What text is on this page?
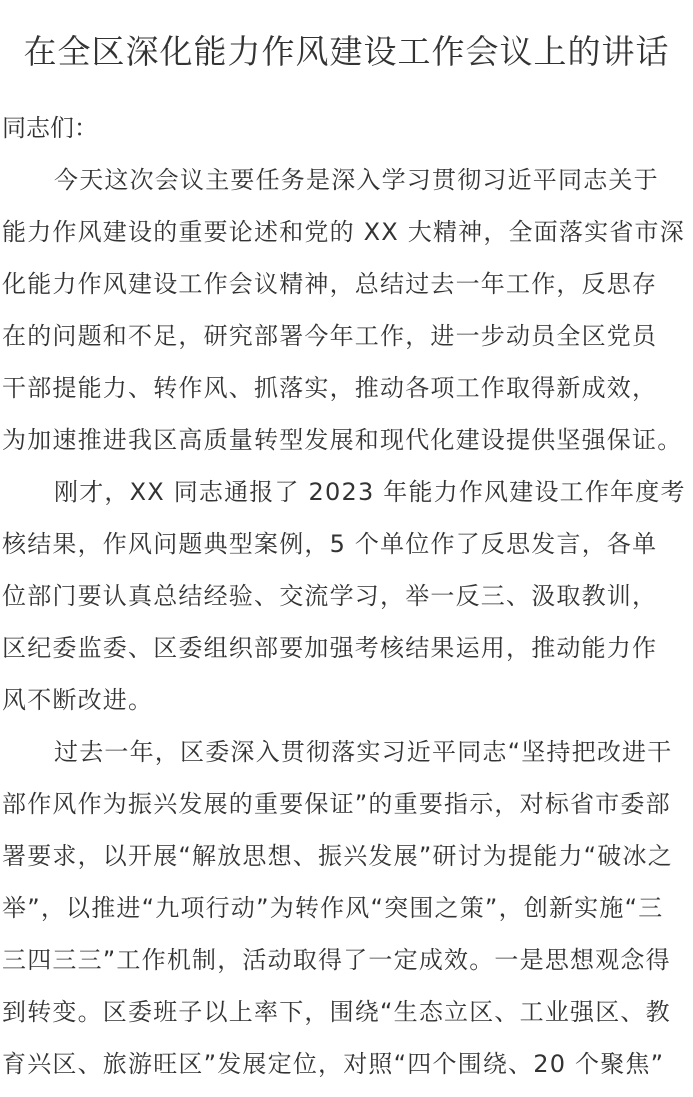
在全区深化能力作风建设工作会议上的讲话
同志们：
今天这次会议主要任务是深入学习贯彻习近平同志关于
能力作风建设的重要论述和党的 XX 大精神，全面落实省市深
化能力作风建设工作会议精神，总结过去一年工作，反思存
在的问题和不足，研究部署今年工作，进一步动员全区党员
干部提能力、转作风、抓落实，推动各项工作取得新成效，
为加速推进我区高质量转型发展和现代化建设提供坚强保证。
刚才，XX 同志通报了 2023 年能力作风建设工作年度考
核结果，作风问题典型案例，5 个单位作了反思发言，各单
位部门要认真总结经验、交流学习，举一反三、汲取教训，
区纪委监委、区委组织部要加强考核结果运用，推动能力作
风不断改进。
过去一年，区委深入贯彻落实习近平同志“坚持把改进干
部作风作为振兴发展的重要保证”的重要指示，对标省市委部
署要求，以开展“解放思想、振兴发展”研讨为提能力“破冰之
举”，以推进“九项行动”为转作风“突围之策”，创新实施“三
三四三三”工作机制，活动取得了一定成效。一是思想观念得
到转变。区委班子以上率下，围绕“生态立区、工业强区、教
育兴区、旅游旺区”发展定位，对照“四个围绕、20 个聚焦”
